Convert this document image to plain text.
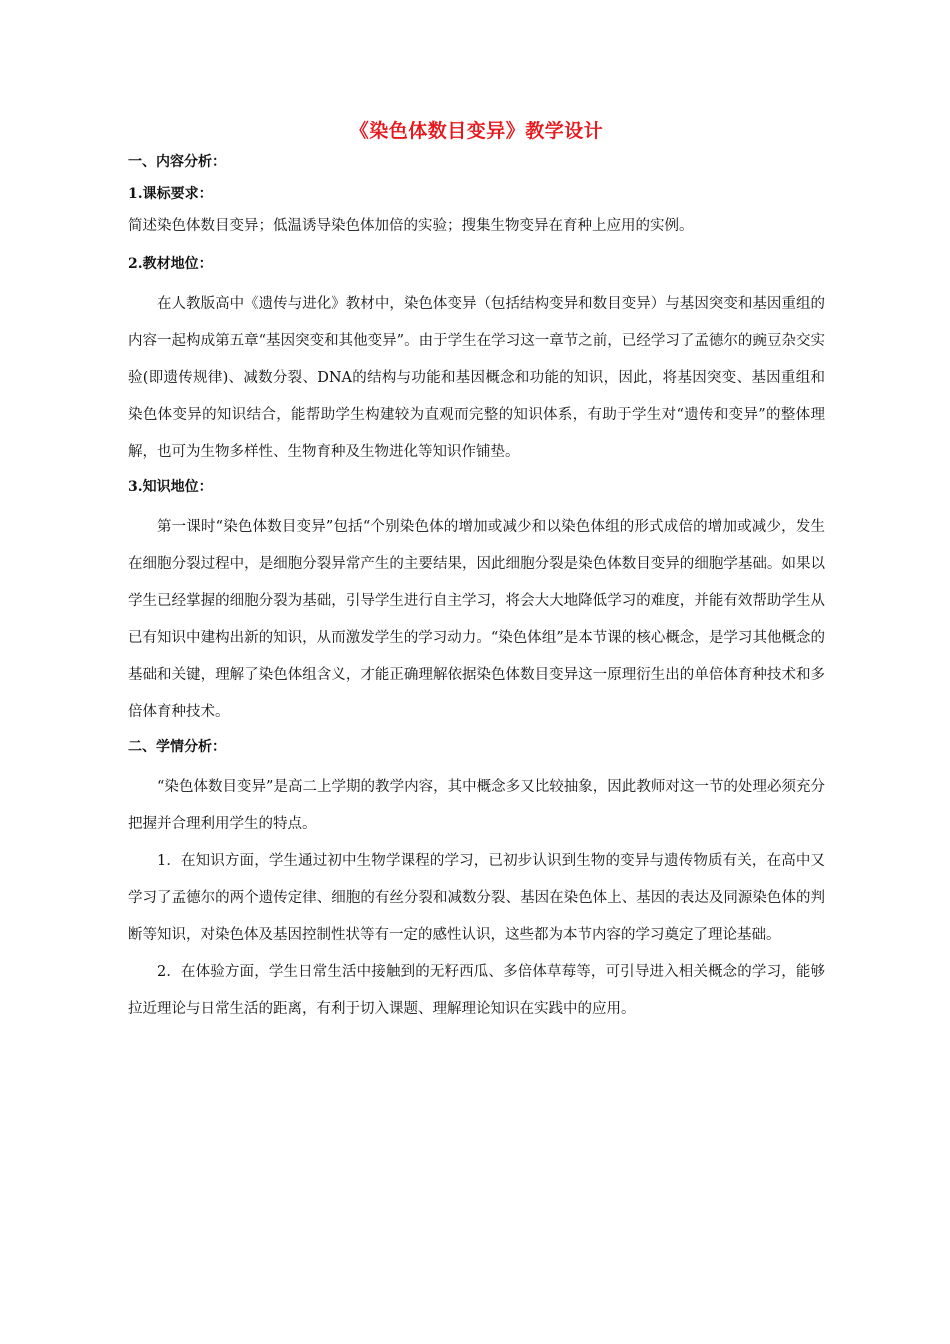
《染色体数目变异》教学设计
一、内容分析：
1.课标要求：

简述染色体数目变异；低温诱导染色体加倍的实验；搜集生物变异在育种上应用的实例。

2.教材地位：

在人教版高中《遗传与进化》教材中，染色体变异（包括结构变异和数目变异）与基因突变和基因重组的内容一起构成第五章“基因突变和其他变异”。由于学生在学习这一章节之前，已经学习了孟德尔的豌豆杂交实验(即遗传规律)、减数分裂、DNA的结构与功能和基因概念和功能的知识，因此，将基因突变、基因重组和染色体变异的知识结合，能帮助学生构建较为直观而完整的知识体系，有助于学生对“遗传和变异”的整体理解，也可为生物多样性、生物育种及生物进化等知识作铺垫。

3.知识地位：

第一课时“染色体数目变异”包括“个别染色体的增加或减少和以染色体组的形式成倍的增加或减少，发生在细胞分裂过程中，是细胞分裂异常产生的主要结果，因此细胞分裂是染色体数目变异的细胞学基础。如果以学生已经掌握的细胞分裂为基础，引导学生进行自主学习，将会大大地降低学习的难度，并能有效帮助学生从已有知识中建构出新的知识，从而激发学生的学习动力。“染色体组”是本节课的核心概念，是学习其他概念的基础和关键，理解了染色体组含义，才能正确理解依据染色体数目变异这一原理衍生出的单倍体育种技术和多倍体育种技术。

二、学情分析：

“染色体数目变异”是高二上学期的教学内容，其中概念多又比较抽象，因此教师对这一节的处理必须充分把握并合理利用学生的特点。

1．在知识方面，学生通过初中生物学课程的学习，已初步认识到生物的变异与遗传物质有关，在高中又学习了孟德尔的两个遗传定律、细胞的有丝分裂和减数分裂、基因在染色体上、基因的表达及同源染色体的判断等知识，对染色体及基因控制性状等有一定的感性认识，这些都为本节内容的学习奠定了理论基础。

2．在体验方面，学生日常生活中接触到的无籽西瓜、多倍体草莓等，可引导进入相关概念的学习，能够拉近理论与日常生活的距离，有利于切入课题、理解理论知识在实践中的应用。
